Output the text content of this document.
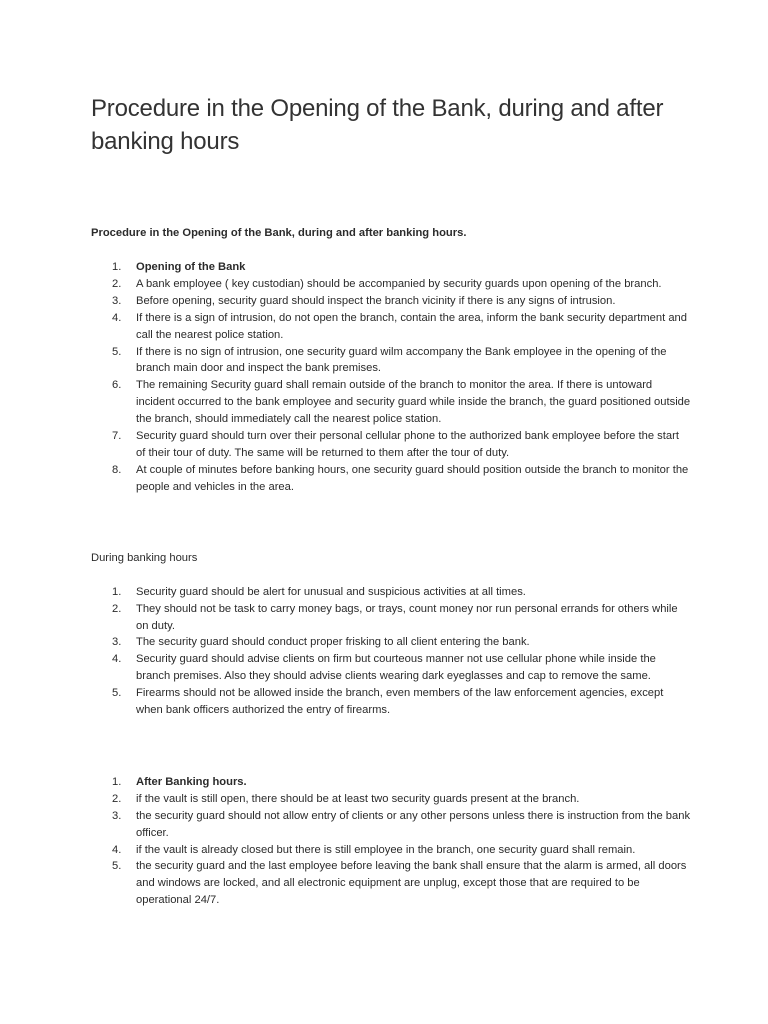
Procedure in the Opening of the Bank, during and after banking hours

Procedure in the Opening of the Bank, during and after banking hours.

1. Opening of the Bank
2. A bank employee ( key custodian) should be accompanied by security guards upon opening of the branch.
3. Before opening, security guard should inspect the branch vicinity if there is any signs of intrusion.
4. If there is a sign of intrusion, do not open the branch, contain the area, inform the bank security department and call the nearest police station.
5. If there is no sign of intrusion, one security guard wilm accompany the Bank employee in the opening of the branch main door and inspect the bank premises.
6. The remaining Security guard shall remain outside of the branch to monitor the area. If there is untoward incident occurred to the bank employee and security guard while inside the branch, the guard positioned outside the branch, should immediately call the nearest police station.
7. Security guard should turn over their personal cellular phone to the authorized bank employee before the start of their tour of duty. The same will be returned to them after the tour of duty.
8. At couple of minutes before banking hours, one security guard should position outside the branch to monitor the people and vehicles in the area.

During banking hours

1. Security guard should be alert for unusual and suspicious activities at all times.
2. They should not be task to carry money bags, or trays, count money nor run personal errands for others while on duty.
3. The security guard should conduct proper frisking to all client entering the bank.
4. Security guard should advise clients on firm but courteous manner not use cellular phone while inside the branch premises. Also they should advise clients wearing dark eyeglasses and cap to remove the same.
5. Firearms should not be allowed inside the branch, even members of the law enforcement agencies, except when bank officers authorized the entry of firearms.
1. After Banking hours.
2. if the vault is still open, there should be at least two security guards present at the branch.
3. the security guard should not allow entry of clients or any other persons unless there is instruction from the bank officer.
4. if the vault is already closed but there is still employee in the branch, one security guard shall remain.
5. the security guard and the last employee before leaving the bank shall ensure that the alarm is armed, all doors and windows are locked, and all electronic equipment are unplug, except those that are required to be operational 24/7.
